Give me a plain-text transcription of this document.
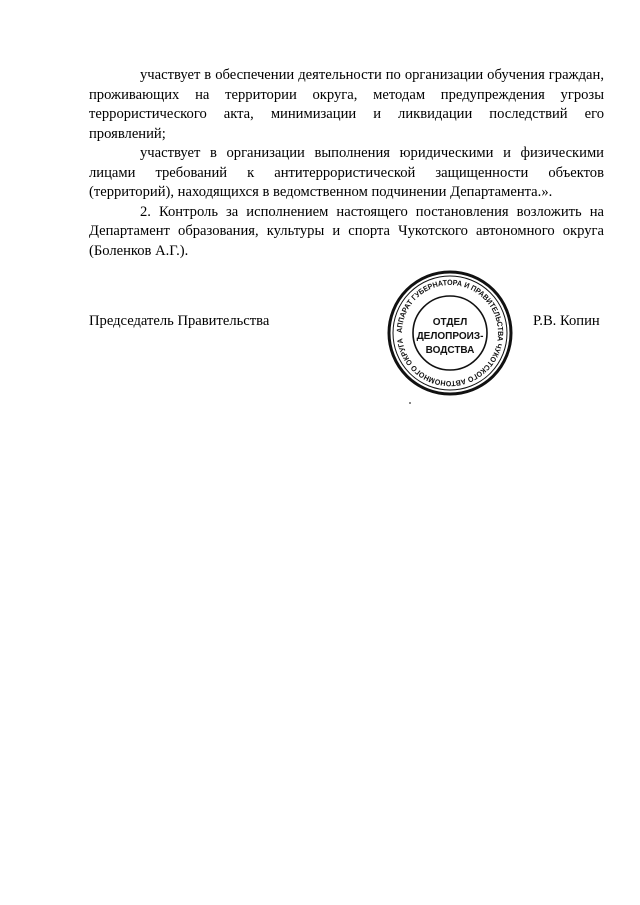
участвует в обеспечении деятельности по организации обучения граждан, проживающих на территории округа, методам предупреждения угрозы террористического акта, минимизации и ликвидации последствий его проявлений;

участвует в организации выполнения юридическими и физическими лицами требований к антитеррористической защищенности объектов (территорий), находящихся в ведомственном подчинении Департамента.».

2. Контроль за исполнением настоящего постановления возложить на Департамент образования, культуры и спорта Чукотского автономного округа (Боленков А.Г.).

Председатель Правительства
АППАРАТ ГУБЕРНАТОРА И ПРАВИТЕЛЬСТВА ЧУКОТСКОГО АВТОНОМНОГО ОКРУГА
ОТДЕЛ
ДЕЛОПРОИЗ-
ВОДСТВА
Р.В. Копин
